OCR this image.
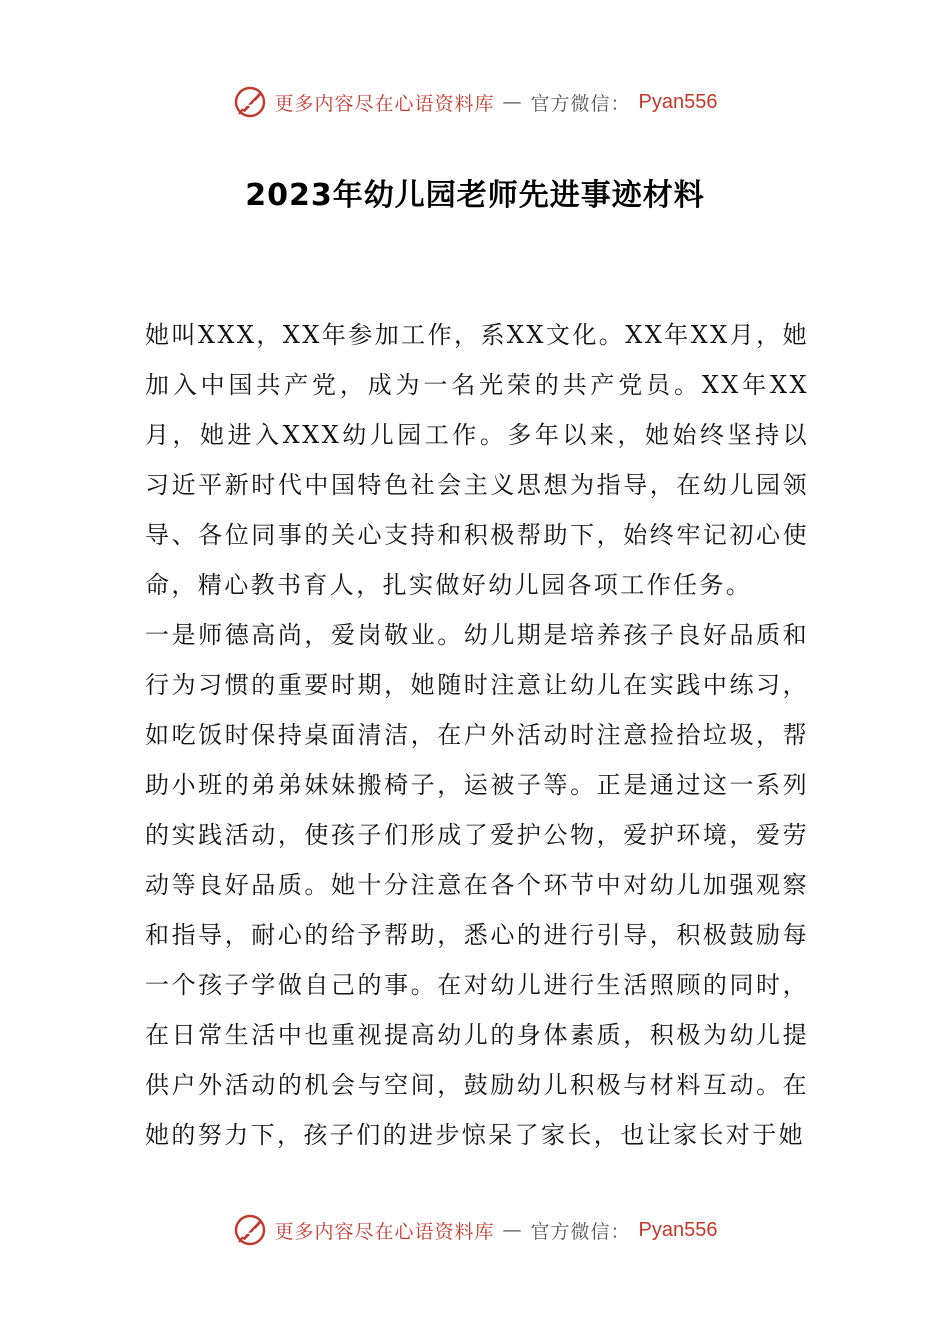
更多内容尽在心语资料库 — 官方微信： Pyan556
2023年幼儿园老师先进事迹材料

她叫XXX，XX年参加工作，系XX文化。XX年XX月，她加入中国共产党，成为一名光荣的共产党员。XX年XX月，她进入XXX幼儿园工作。多年以来，她始终坚持以习近平新时代中国特色社会主义思想为指导，在幼儿园领导、各位同事的关心支持和积极帮助下，始终牢记初心使命，精心教书育人，扎实做好幼儿园各项工作任务。

一是师德高尚，爱岗敬业。幼儿期是培养孩子良好品质和行为习惯的重要时期，她随时注意让幼儿在实践中练习，如吃饭时保持桌面清洁，在户外活动时注意捡拾垃圾，帮助小班的弟弟妹妹搬椅子，运被子等。正是通过这一系列的实践活动，使孩子们形成了爱护公物，爱护环境，爱劳动等良好品质。她十分注意在各个环节中对幼儿加强观察和指导，耐心的给予帮助，悉心的进行引导，积极鼓励每一个孩子学做自己的事。在对幼儿进行生活照顾的同时，在日常生活中也重视提高幼儿的身体素质，积极为幼儿提供户外活动的机会与空间，鼓励幼儿积极与材料互动。在她的努力下，孩子们的进步惊呆了家长，也让家长对于她

更多内容尽在心语资料库 — 官方微信： Pyan556
